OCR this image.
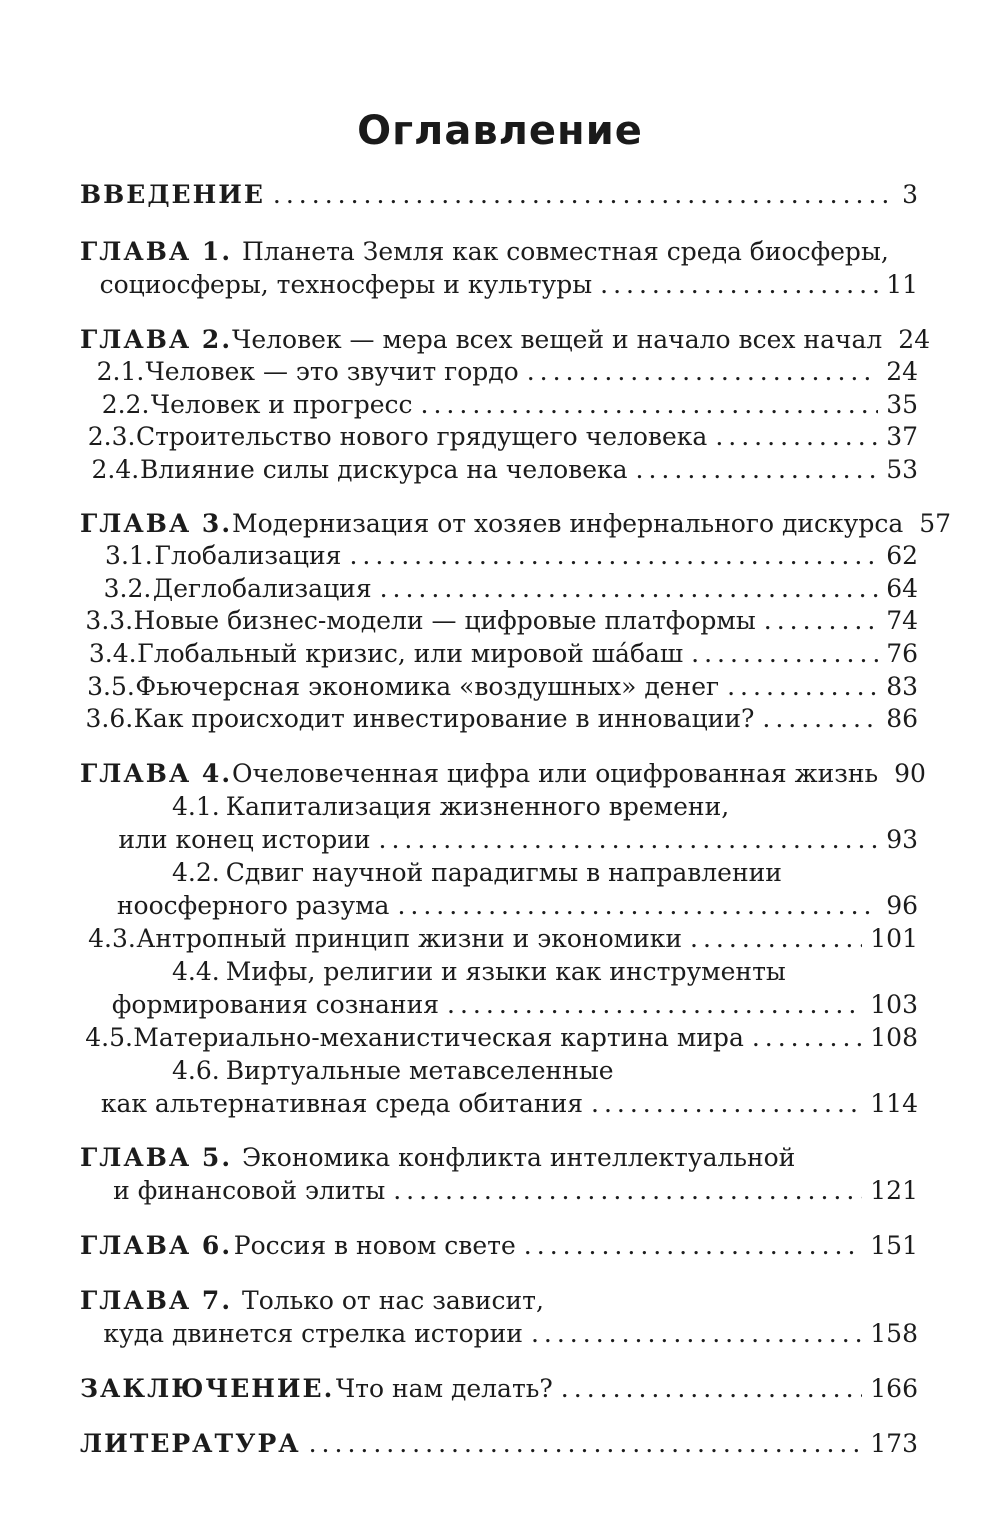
Оглавление
ВВЕДЕНИЕ .....	3
ГЛАВА 1. Планета Земля как совместная среда биосферы,
социосферы, техносферы и культуры .....	11
ГЛАВА 2. Человек — мера всех вещей и начало всех начал 24
2.1. Человек — это звучит гордо .....	24
2.2. Человек и прогресс .....	35
2.3. Строительство нового грядущего человека .....	37
2.4. Влияние силы дискурса на человека .....	53
ГЛАВА 3. Модернизация от хозяев инфернального дискурса 57
3.1. Глобализация .....	62
3.2. Деглобализация .....	64
3.3. Новые бизнес-модели — цифровые платформы .....	74
3.4. Глобальный кризис, или мировой ша́баш .....	76
3.5. Фьючерсная экономика «воздушных» денег .....	83
3.6. Как происходит инвестирование в инновации? .....	86
ГЛАВА 4. Очеловеченная цифра или оцифрованная жизнь 90
4.1. Капитализация жизненного времени,
или конец истории .....	93
4.2. Сдвиг научной парадигмы в направлении
ноосферного разума .....	96
4.3. Антропный принцип жизни и экономики .....	101
4.4. Мифы, религии и языки как инструменты
формирования сознания .....	103
4.5. Материально-механистическая картина мира .....	108
4.6. Виртуальные метавселенные
как альтернативная среда обитания .....	114
ГЛАВА 5. Экономика конфликта интеллектуальной
и финансовой элиты .....	121
ГЛАВА 6. Россия в новом свете .....	151
ГЛАВА 7. Только от нас зависит,
куда двинется стрелка истории .....	158
ЗАКЛЮЧЕНИЕ. Что нам делать? .....	166
ЛИТЕРАТУРА .....	173
